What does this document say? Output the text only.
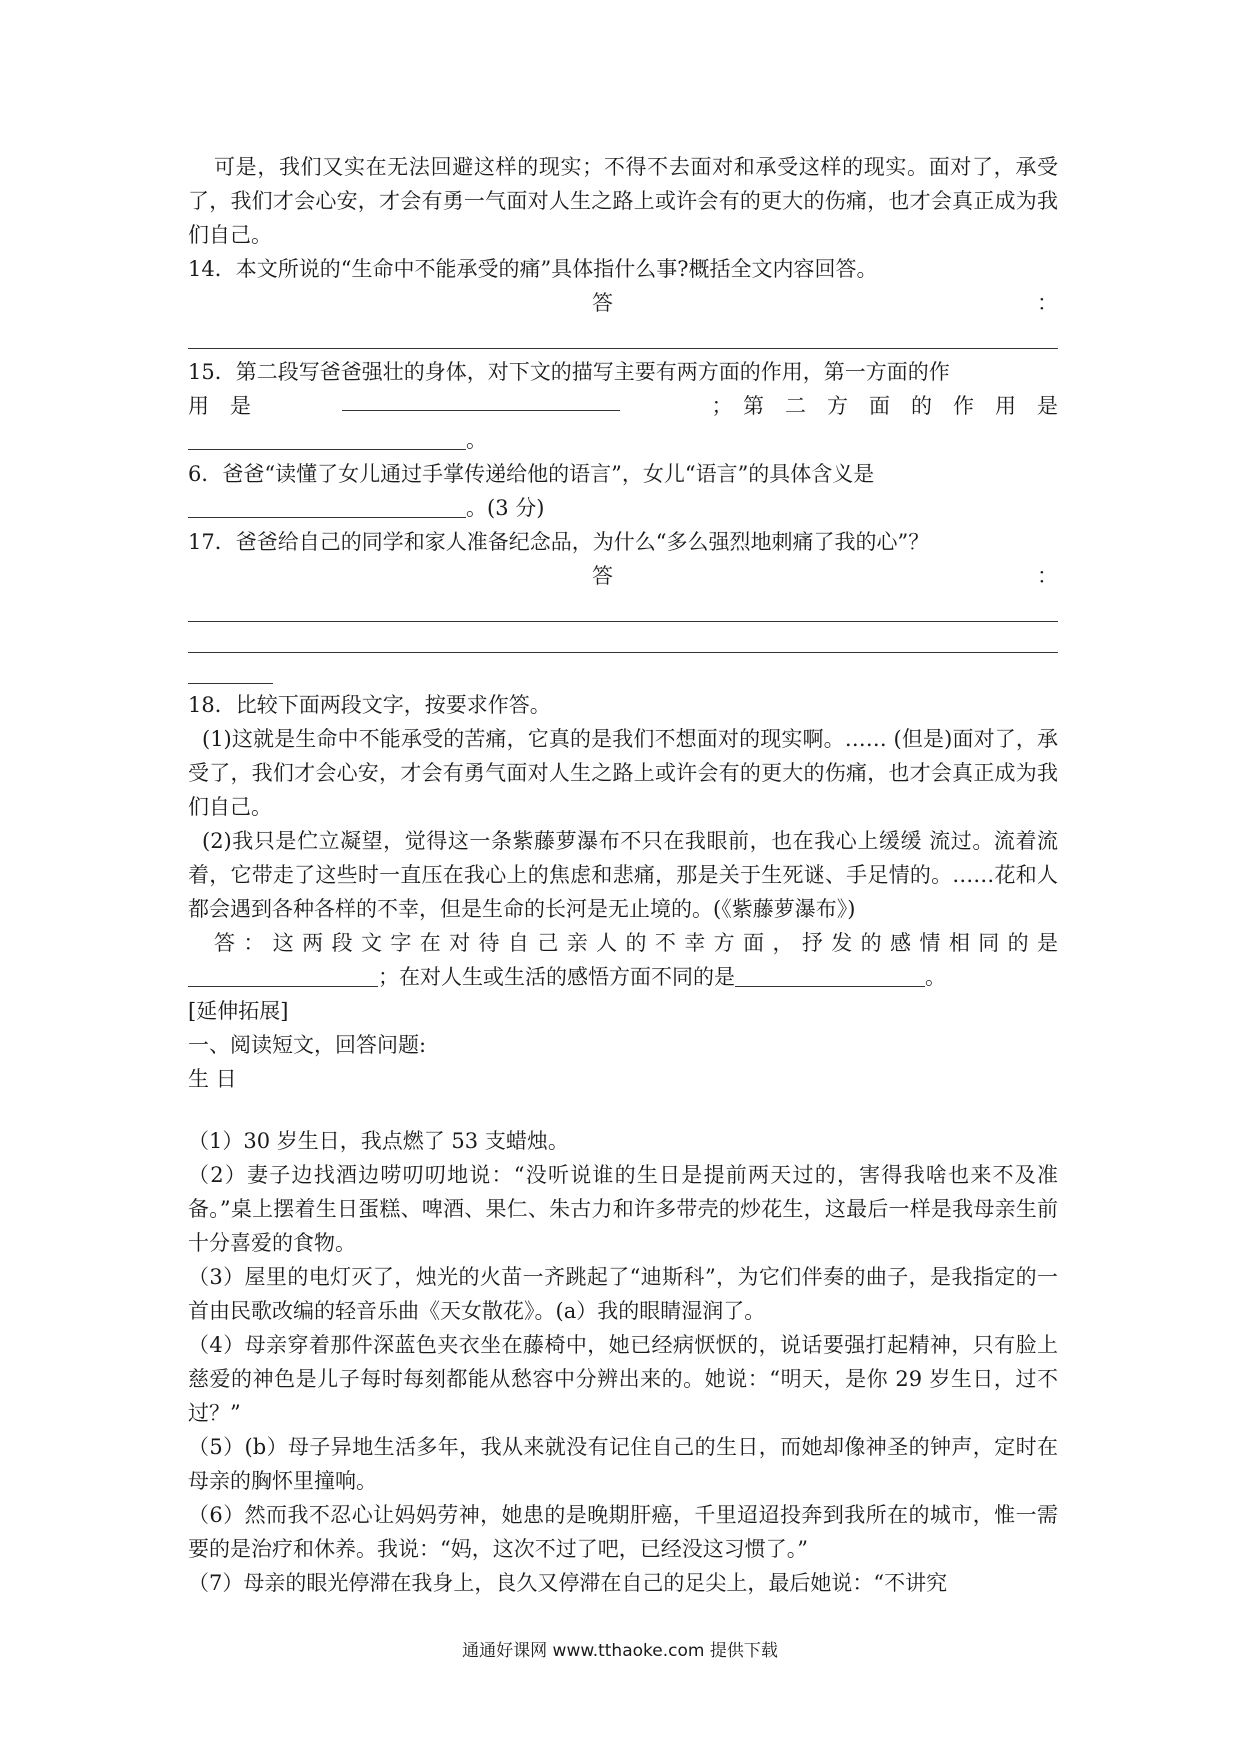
可是，我们又实在无法回避这样的现实；不得不去面对和承受这样的现实。面对了，承受了，我们才会心安，才会有勇一气面对人生之路上或许会有的更大的伤痛，也才会真正成为我们自己。

14．本文所说的“生命中不能承受的痛”具体指什么事?概括全文内容回答。

答	：

15．第二段写爸爸强壮的身体，对下文的描写主要有两方面的作用，第一方面的作

用　是	；　第　二　方　面　的　作　用　是

。

6．爸爸“读懂了女儿通过手掌传递给他的语言”，女儿“语言”的具体含义是

。(3 分)

17．爸爸给自己的同学和家人准备纪念品，为什么“多么强烈地刺痛了我的心”？

答	：

18．比较下面两段文字，按要求作答。

(1)这就是生命中不能承受的苦痛，它真的是我们不想面对的现实啊。…… (但是)面对了，承受了，我们才会心安，才会有勇气面对人生之路上或许会有的更大的伤痛，也才会真正成为我们自己。

(2)我只是伫立凝望，觉得这一条紫藤萝瀑布不只在我眼前，也在我心上缓缓 流过。流着流着，它带走了这些时一直压在我心上的焦虑和悲痛，那是关于生死谜、手足情的。……花和人都会遇到各种各样的不幸，但是生命的长河是无止境的。(《紫藤萝瀑布》)

答：这两段文字在对待自己亲人的不幸方面，抒发的感情相同的是

；在对人生或生活的感悟方面不同的是	。

[延伸拓展]

一、阅读短文，回答问题:

生 日

（1）30 岁生日，我点燃了 53 支蜡烛。

（2）妻子边找酒边唠叨叨地说：“没听说谁的生日是提前两天过的，害得我啥也来不及准备。”桌上摆着生日蛋糕、啤酒、果仁、朱古力和许多带壳的炒花生，这最后一样是我母亲生前十分喜爱的食物。

（3）屋里的电灯灭了，烛光的火苗一齐跳起了“迪斯科”，为它们伴奏的曲子，是我指定的一首由民歌改编的轻音乐曲《天女散花》。(a）我的眼睛湿润了。

（4）母亲穿着那件深蓝色夹衣坐在藤椅中，她已经病恹恹的，说话要强打起精神，只有脸上慈爱的神色是儿子每时每刻都能从愁容中分辨出来的。她说：“明天，是你 29 岁生日，过不过？”

（5）(b）母子异地生活多年，我从来就没有记住自己的生日，而她却像神圣的钟声，定时在母亲的胸怀里撞响。

（6）然而我不忍心让妈妈劳神，她患的是晚期肝癌，千里迢迢投奔到我所在的城市，惟一需要的是治疗和休养。我说：“妈，这次不过了吧，已经没这习惯了。”

（7）母亲的眼光停滞在我身上，良久又停滞在自己的足尖上，最后她说：“不讲究

通通好课网 www.tthaoke.com 提供下载
